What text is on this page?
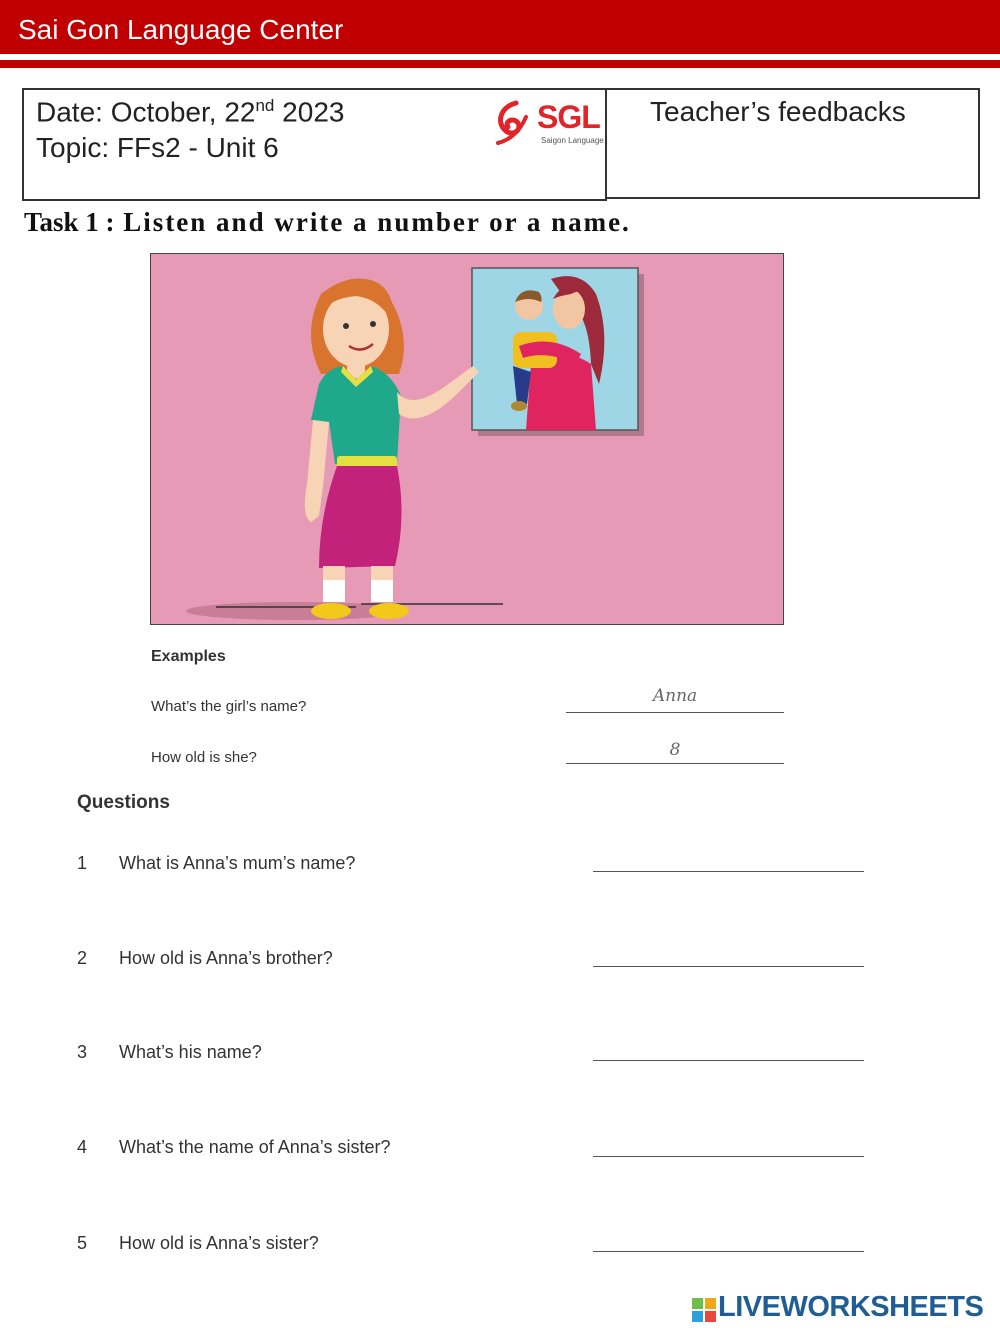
Sai Gon Language Center
Date: October, 22nd 2023
Topic: FFs2 - Unit 6
Teacher’s feedbacks
SGL
Saigon Language
Task 1 : Listen and write a number or a name.
Examples
What’s the girl’s name?
Anna
How old is she?	8
Questions
1 What is Anna’s mum’s name?
2 How old is Anna’s brother?
3 What’s his name?
4 What’s the name of Anna’s sister?
5 How old is Anna’s sister?
LIVEWORKSHEETS
